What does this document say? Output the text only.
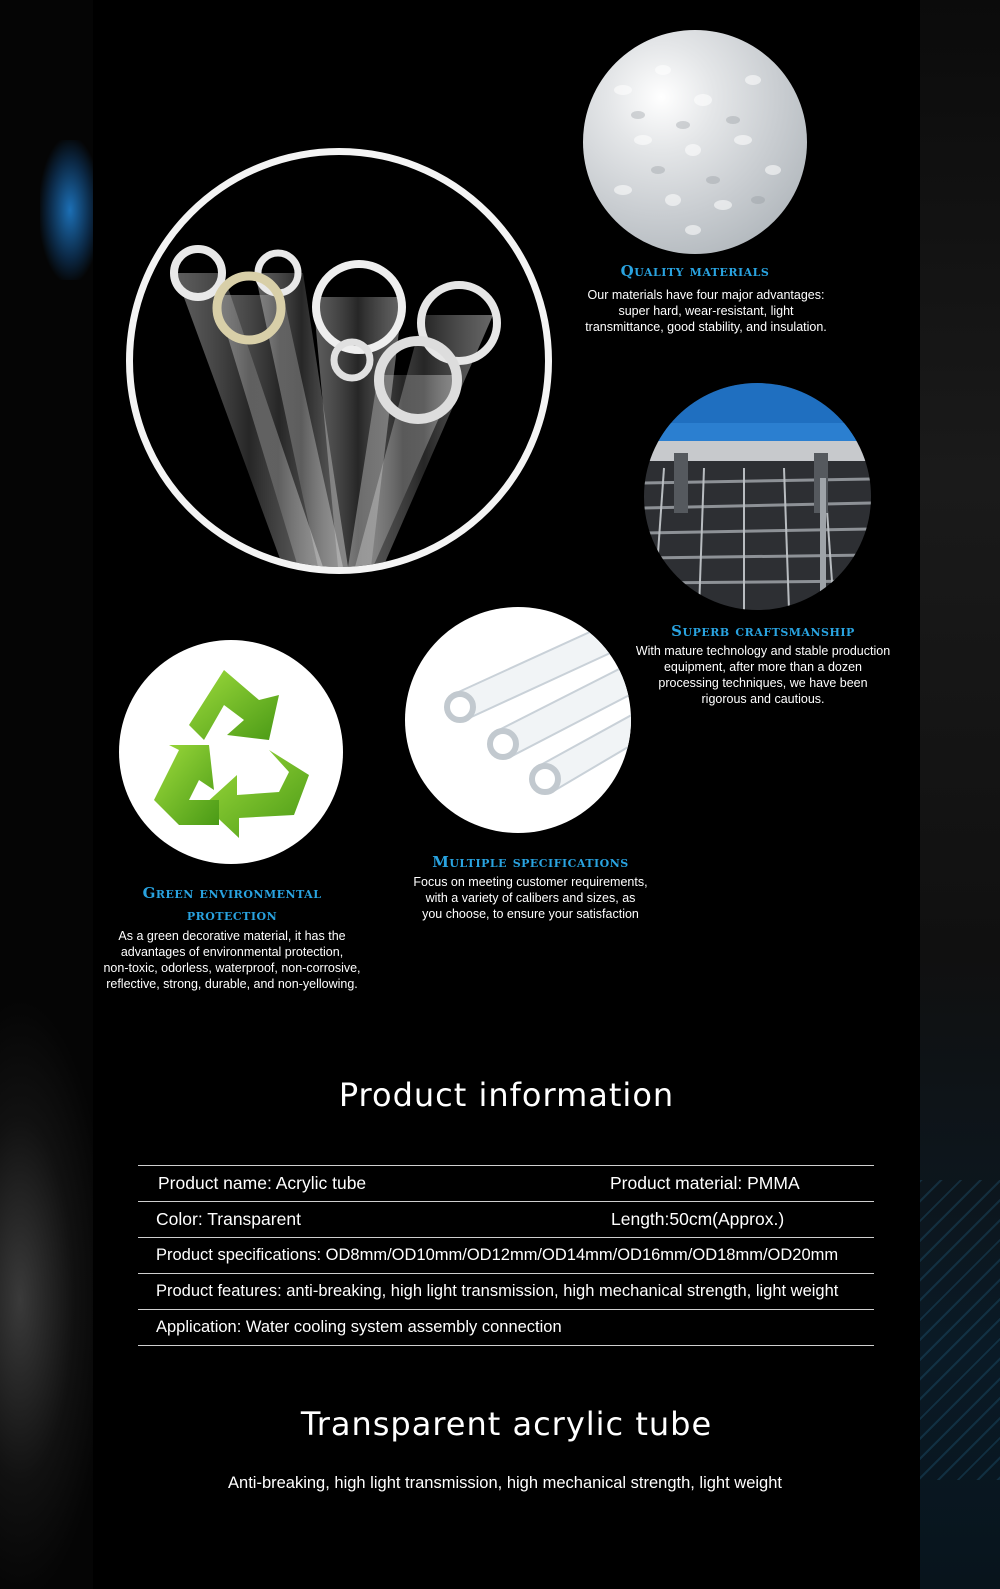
Quality materials
Our materials have four major advantages:
super hard, wear-resistant, light
transmittance, good stability, and insulation.
Superb craftsmanship
With mature technology and stable production
equipment, after more than a dozen
processing techniques, we have been
rigorous and cautious.
Multiple specifications
Focus on meeting customer requirements,
with a variety of calibers and sizes, as
you choose, to ensure your satisfaction
Green environmental
protection
As a green decorative material, it has the
advantages of environmental protection,
non-toxic, odorless, waterproof, non-corrosive,
reflective, strong, durable, and non-yellowing.
Product information
Product name: Acrylic tube	Product material: PMMA
Color: Transparent	Length:50cm(Approx.)
Product specifications: OD8mm/OD10mm/OD12mm/OD14mm/OD16mm/OD18mm/OD20mm
Product features: anti-breaking, high light transmission, high mechanical strength, light weight
Application: Water cooling system assembly connection
Transparent acrylic tube
Anti-breaking, high light transmission, high mechanical strength, light weight
